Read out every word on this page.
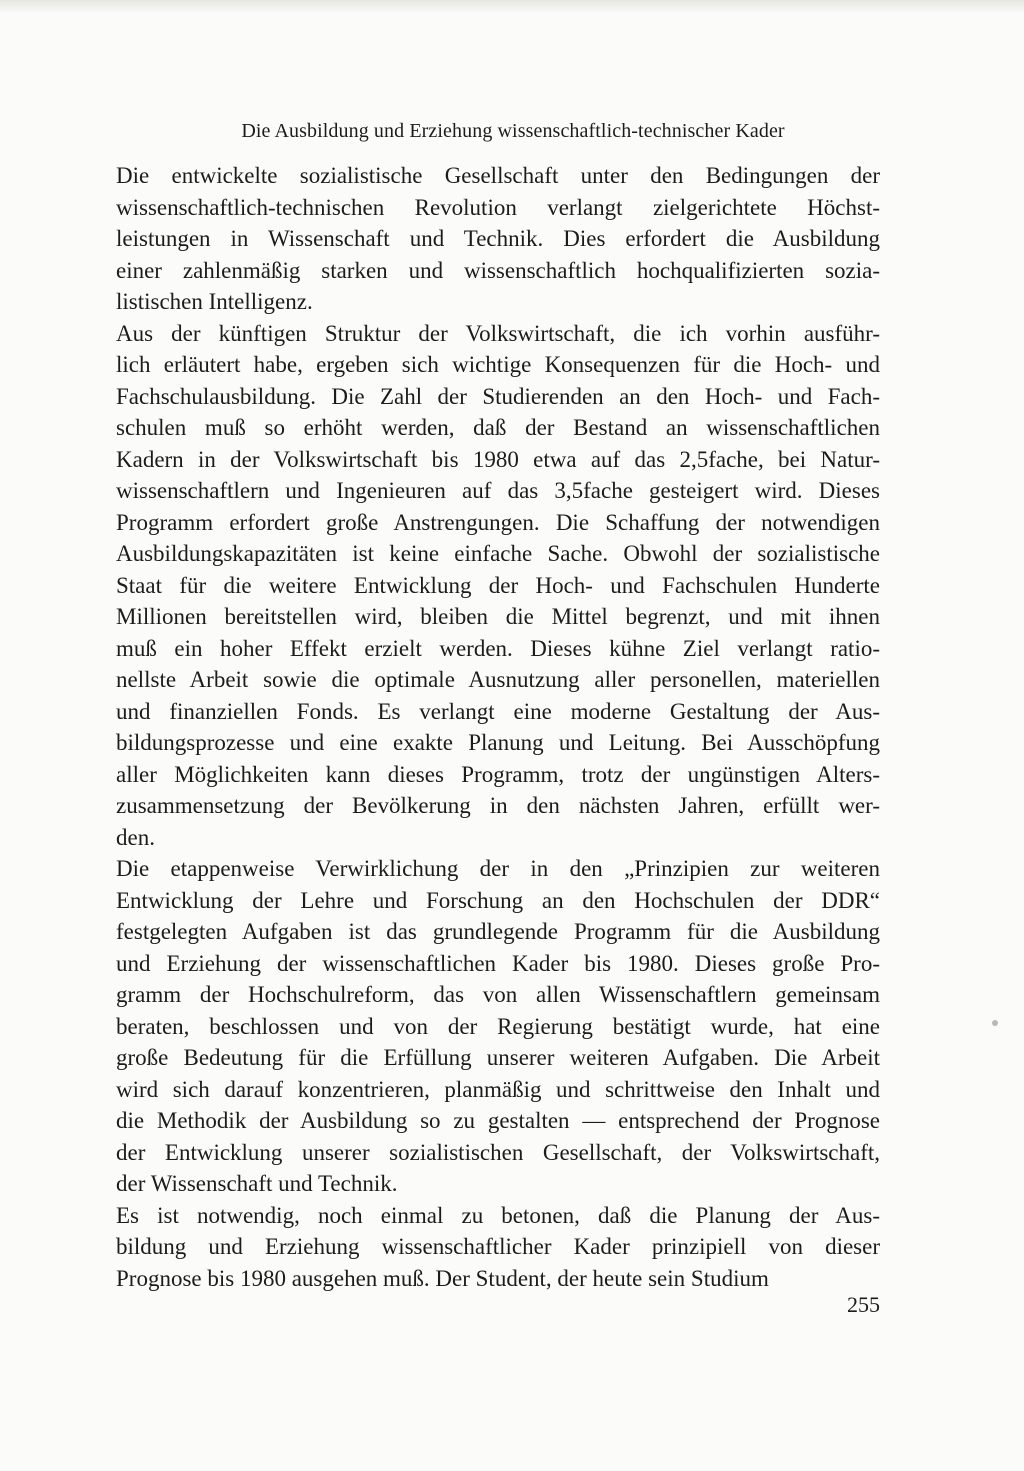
Die Ausbildung und Erziehung wissenschaftlich-technischer Kader

Die entwickelte sozialistische Gesellschaft unter den Bedingungen der
wissenschaftlich-technischen Revolution verlangt zielgerichtete Höchst-
leistungen in Wissenschaft und Technik. Dies erfordert die Ausbildung
einer zahlenmäßig starken und wissenschaftlich hochqualifizierten sozia-
listischen Intelligenz.

Aus der künftigen Struktur der Volkswirtschaft, die ich vorhin ausführ-
lich erläutert habe, ergeben sich wichtige Konsequenzen für die Hoch- und
Fachschulausbildung. Die Zahl der Studierenden an den Hoch- und Fach-
schulen muß so erhöht werden, daß der Bestand an wissenschaftlichen
Kadern in der Volkswirtschaft bis 1980 etwa auf das 2,5fache, bei Natur-
wissenschaftlern und Ingenieuren auf das 3,5fache gesteigert wird. Dieses
Programm erfordert große Anstrengungen. Die Schaffung der notwendigen
Ausbildungskapazitäten ist keine einfache Sache. Obwohl der sozialistische
Staat für die weitere Entwicklung der Hoch- und Fachschulen Hunderte
Millionen bereitstellen wird, bleiben die Mittel begrenzt, und mit ihnen
muß ein hoher Effekt erzielt werden. Dieses kühne Ziel verlangt ratio-
nellste Arbeit sowie die optimale Ausnutzung aller personellen, materiellen
und finanziellen Fonds. Es verlangt eine moderne Gestaltung der Aus-
bildungsprozesse und eine exakte Planung und Leitung. Bei Ausschöpfung
aller Möglichkeiten kann dieses Programm, trotz der ungünstigen Alters-
zusammensetzung der Bevölkerung in den nächsten Jahren, erfüllt wer-
den.

Die etappenweise Verwirklichung der in den „Prinzipien zur weiteren
Entwicklung der Lehre und Forschung an den Hochschulen der DDR“
festgelegten Aufgaben ist das grundlegende Programm für die Ausbildung
und Erziehung der wissenschaftlichen Kader bis 1980. Dieses große Pro-
gramm der Hochschulreform, das von allen Wissenschaftlern gemeinsam
beraten, beschlossen und von der Regierung bestätigt wurde, hat eine
große Bedeutung für die Erfüllung unserer weiteren Aufgaben. Die Arbeit
wird sich darauf konzentrieren, planmäßig und schrittweise den Inhalt und
die Methodik der Ausbildung so zu gestalten — entsprechend der Prognose
der Entwicklung unserer sozialistischen Gesellschaft, der Volkswirtschaft,
der Wissenschaft und Technik.

Es ist notwendig, noch einmal zu betonen, daß die Planung der Aus-
bildung und Erziehung wissenschaftlicher Kader prinzipiell von dieser
Prognose bis 1980 ausgehen muß. Der Student, der heute sein Studium

255
